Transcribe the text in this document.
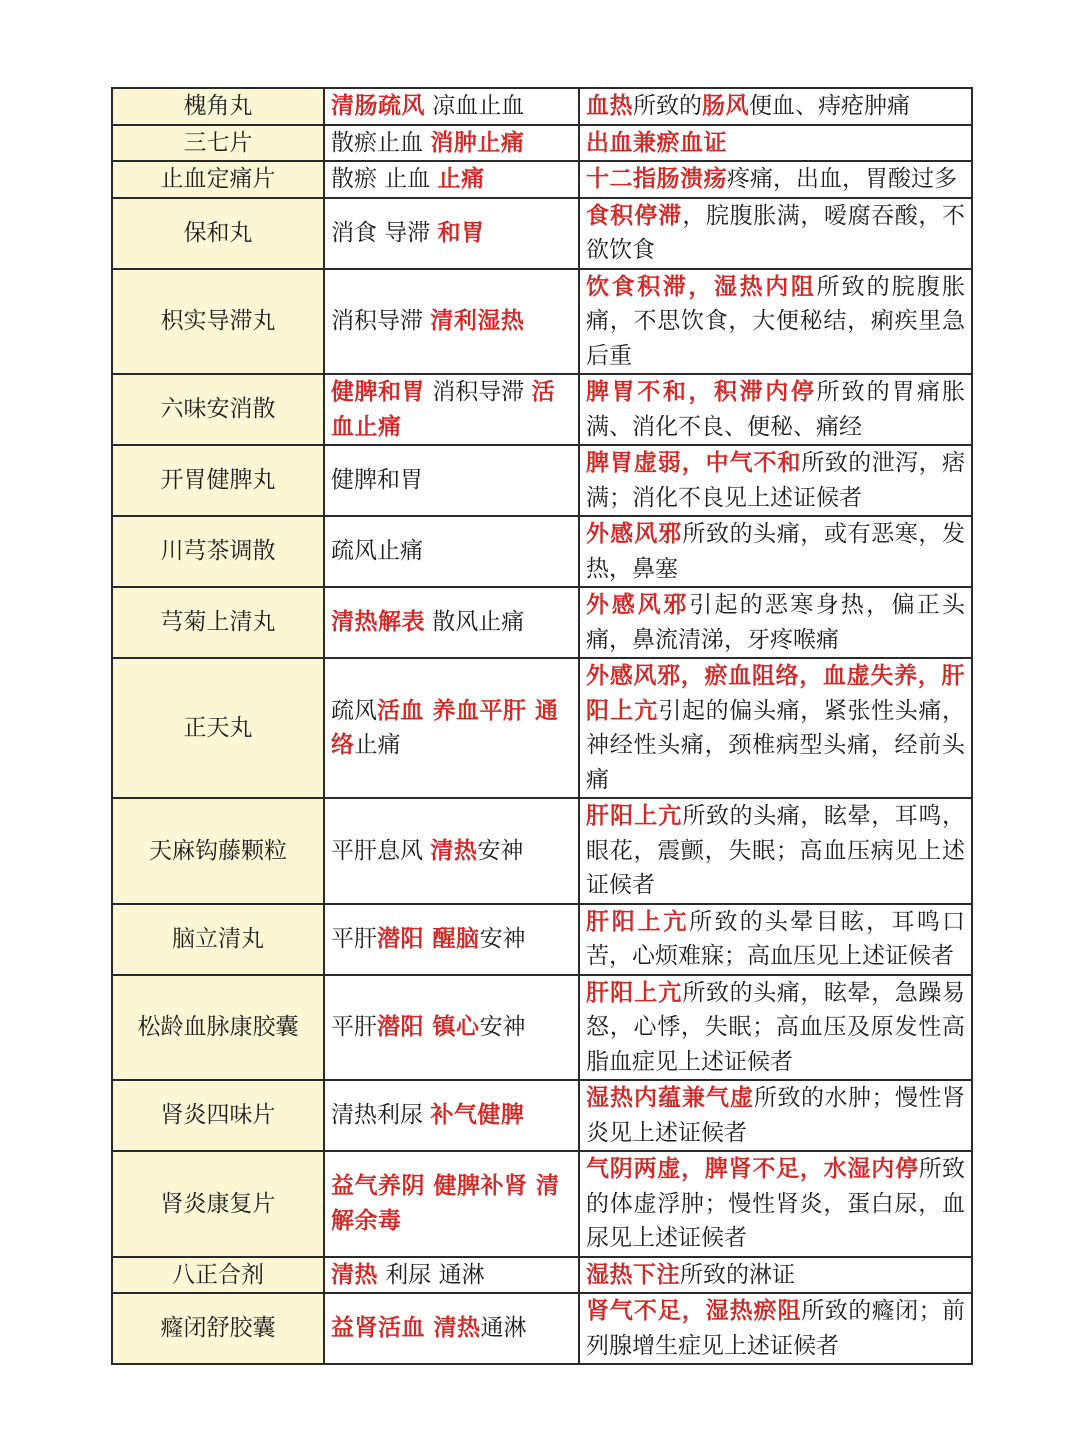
槐角丸	清肠疏风 凉血止血	血热所致的肠风便血、痔疮肿痛
三七片	散瘀止血 消肿止痛	出血兼瘀血证
止血定痛片	散瘀 止血 止痛	十二指肠溃疡疼痛，出血，胃酸过多
保和丸	消食 导滞 和胃	食积停滞，脘腹胀满，嗳腐吞酸，不欲饮食
枳实导滞丸	消积导滞 清利湿热	饮食积滞，湿热内阻所致的脘腹胀痛，不思饮食，大便秘结，痢疾里急后重
六味安消散	健脾和胃 消积导滞 活血止痛	脾胃不和，积滞内停所致的胃痛胀满、消化不良、便秘、痛经
开胃健脾丸	健脾和胃	脾胃虚弱，中气不和所致的泄泻，痞满；消化不良见上述证候者
川芎茶调散	疏风止痛	外感风邪所致的头痛，或有恶寒，发热，鼻塞
芎菊上清丸	清热解表 散风止痛	外感风邪引起的恶寒身热，偏正头痛，鼻流清涕，牙疼喉痛
正天丸	疏风活血 养血平肝 通络止痛	外感风邪，瘀血阻络，血虚失养，肝阳上亢引起的偏头痛，紧张性头痛，神经性头痛，颈椎病型头痛，经前头痛
天麻钩藤颗粒	平肝息风 清热安神	肝阳上亢所致的头痛，眩晕，耳鸣，眼花，震颤，失眠；高血压病见上述证候者
脑立清丸	平肝潜阳 醒脑安神	肝阳上亢所致的头晕目眩，耳鸣口苦，心烦难寐；高血压见上述证候者
松龄血脉康胶囊	平肝潜阳 镇心安神	肝阳上亢所致的头痛，眩晕，急躁易怒，心悸，失眠；高血压及原发性高脂血症见上述证候者
肾炎四味片	清热利尿 补气健脾	湿热内蕴兼气虚所致的水肿；慢性肾炎见上述证候者
肾炎康复片	益气养阴 健脾补肾 清解余毒	气阴两虚，脾肾不足，水湿内停所致的体虚浮肿；慢性肾炎，蛋白尿，血尿见上述证候者
八正合剂	清热 利尿 通淋	湿热下注所致的淋证
癃闭舒胶囊	益肾活血 清热通淋	肾气不足，湿热瘀阻所致的癃闭；前列腺增生症见上述证候者
